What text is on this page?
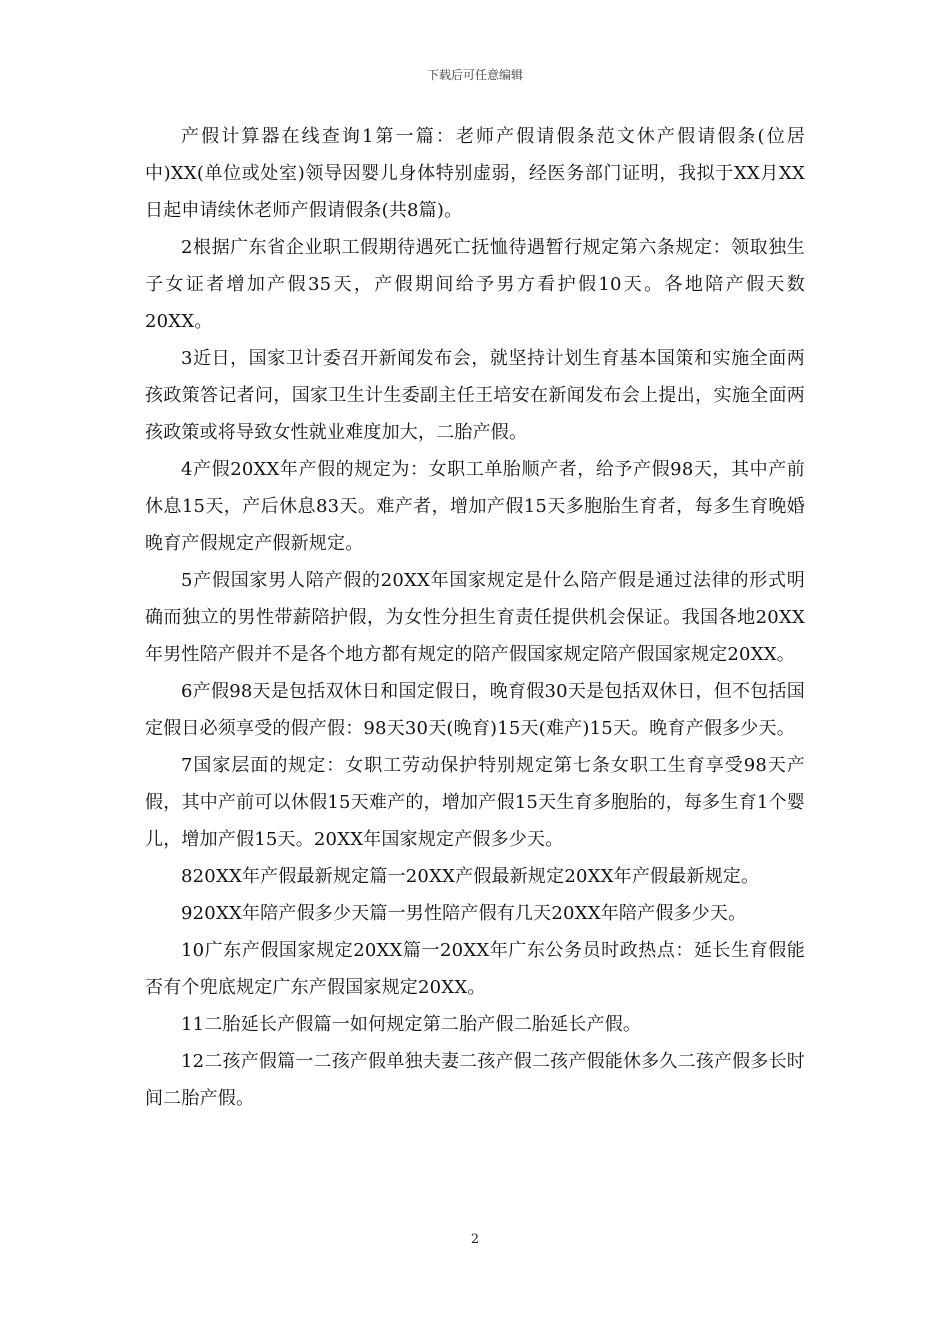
下载后可任意编辑

产假计算器在线查询1第一篇：老师产假请假条范文休产假请假条(位居中)XX(单位或处室)领导因婴儿身体特别虚弱，经医务部门证明，我拟于XX月XX日起申请续休老师产假请假条(共8篇)。

2根据广东省企业职工假期待遇死亡抚恤待遇暂行规定第六条规定：领取独生子女证者增加产假35天，产假期间给予男方看护假10天。各地陪产假天数20XX。

3近日，国家卫计委召开新闻发布会，就坚持计划生育基本国策和实施全面两孩政策答记者问，国家卫生计生委副主任王培安在新闻发布会上提出，实施全面两孩政策或将导致女性就业难度加大，二胎产假。

4产假20XX年产假的规定为：女职工单胎顺产者，给予产假98天，其中产前休息15天，产后休息83天。难产者，增加产假15天多胞胎生育者，每多生育晚婚晚育产假规定产假新规定。

5产假国家男人陪产假的20XX年国家规定是什么陪产假是通过法律的形式明确而独立的男性带薪陪护假，为女性分担生育责任提供机会保证。我国各地20XX年男性陪产假并不是各个地方都有规定的陪产假国家规定陪产假国家规定20XX。

6产假98天是包括双休日和国定假日，晚育假30天是包括双休日，但不包括国定假日必须享受的假产假：98天30天(晚育)15天(难产)15天。晚育产假多少天。

7国家层面的规定：女职工劳动保护特别规定第七条女职工生育享受98天产假，其中产前可以休假15天难产的，增加产假15天生育多胞胎的，每多生育1个婴儿，增加产假15天。20XX年国家规定产假多少天。

820XX年产假最新规定篇一20XX产假最新规定20XX年产假最新规定。

920XX年陪产假多少天篇一男性陪产假有几天20XX年陪产假多少天。

10广东产假国家规定20XX篇一20XX年广东公务员时政热点：延长生育假能否有个兜底规定广东产假国家规定20XX。

11二胎延长产假篇一如何规定第二胎产假二胎延长产假。

12二孩产假篇一二孩产假单独夫妻二孩产假二孩产假能休多久二孩产假多长时间二胎产假。

2
